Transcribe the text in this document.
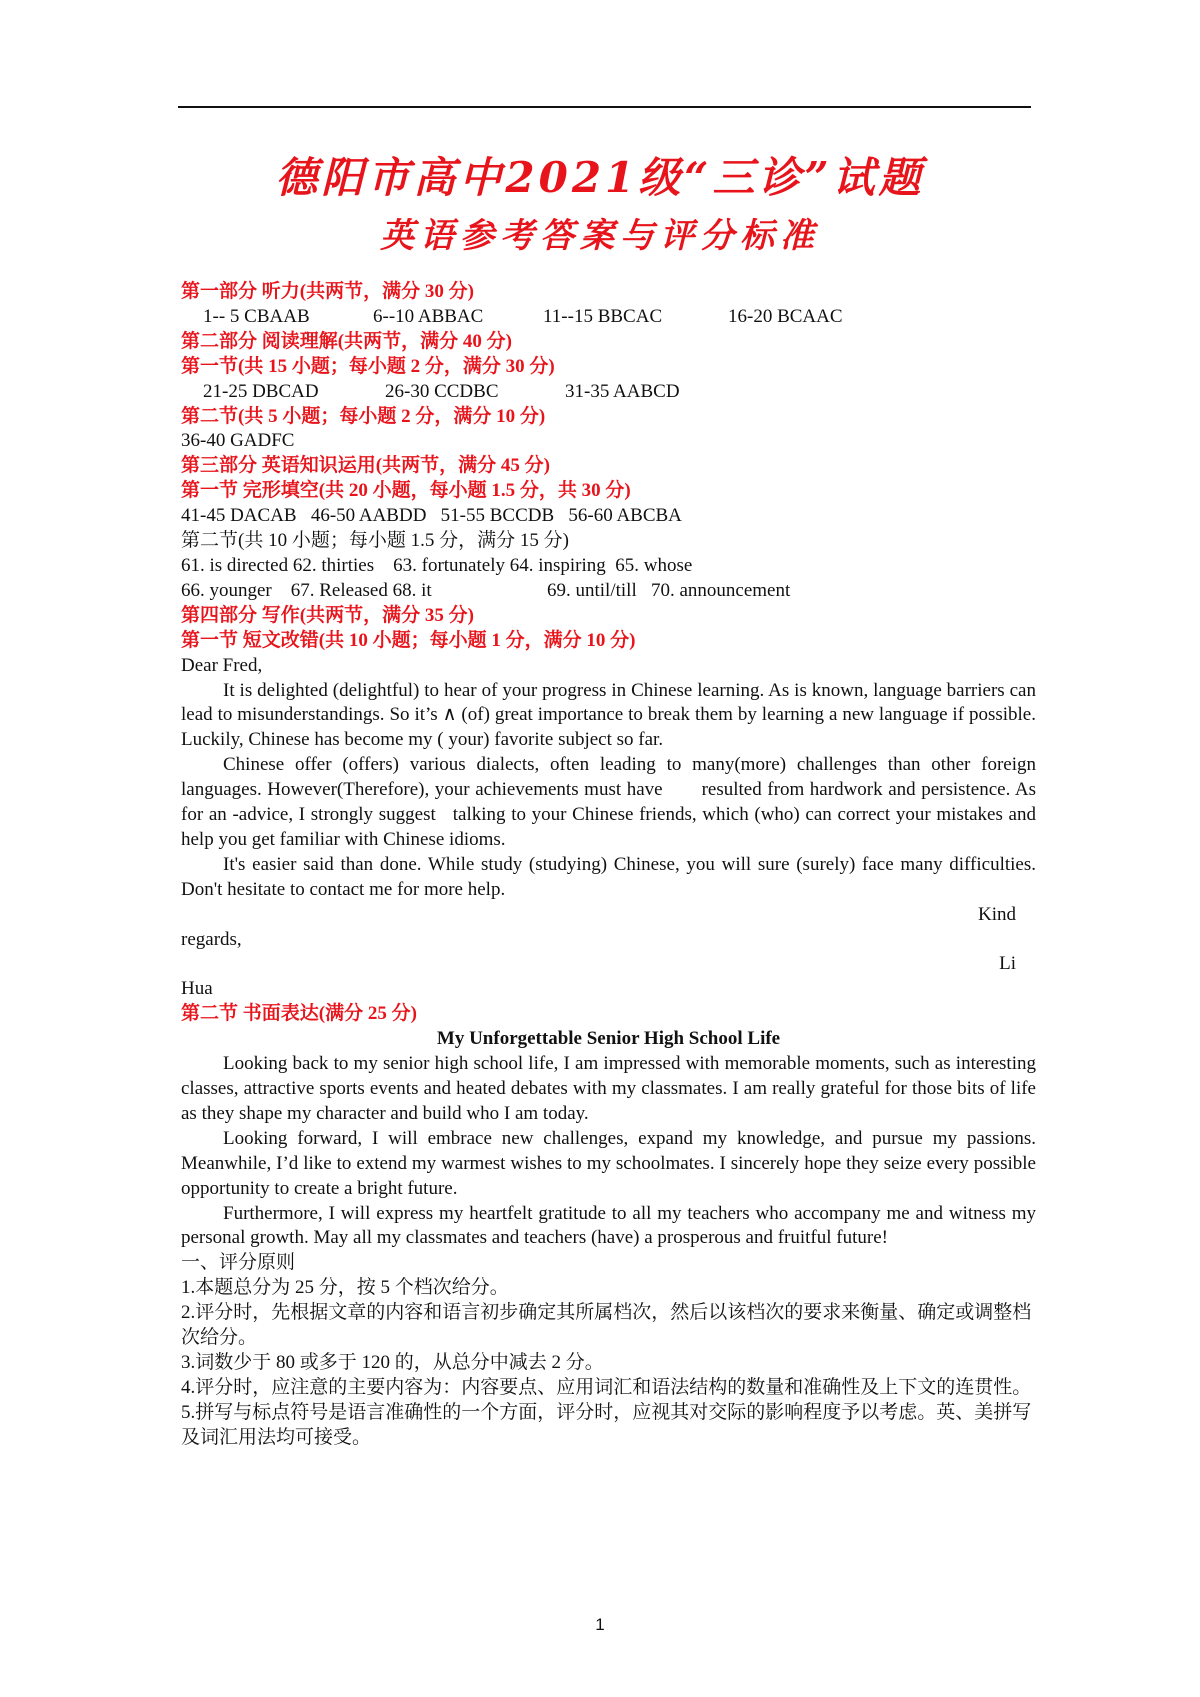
德阳市高中2021级“三诊”试题
英语参考答案与评分标准
第一部分 听力(共两节，满分 30 分)
1-- 5 CBAAB	6--10 ABBAC	11--15 BBCAC	16-20 BCAAC
第二部分 阅读理解(共两节，满分 40 分)
第一节(共 15 小题；每小题 2 分，满分 30 分)
21-25 DBCAD	26-30 CCDBC	31-35 AABCD
第二节(共 5 小题；每小题 2 分，满分 10 分)
36-40 GADFC
第三部分 英语知识运用(共两节，满分 45 分)
第一节 完形填空(共 20 小题，每小题 1.5 分，共 30 分)
41-45 DACAB   46-50 AABDD   51-55 BCCDB   56-60 ABCBA
第二节(共 10 小题；每小题 1.5 分，满分 15 分)
61. is directed 62. thirties    63. fortunately 64. inspiring  65. whose
66. younger    67. Released 68. it	69. until/till   70. announcement
第四部分 写作(共两节，满分 35 分)
第一节 短文改错(共 10 小题；每小题 1 分，满分 10 分)
Dear Fred,
It is delighted (delightful) to hear of your progress in Chinese learning. As is known, language barriers can lead to misunderstandings. So it’s ∧ (of) great importance to break them by learning a new language if possible. Luckily, Chinese has become my ( your) favorite subject so far.
Chinese offer (offers) various dialects, often leading to many(more) challenges than other foreign languages. However(Therefore), your achievements must have       resulted from hardwork and persistence. As for an -advice, I strongly suggest   talking to your Chinese friends, which (who) can correct your mistakes and help you get familiar with Chinese idioms.
It's easier said than done. While study (studying) Chinese, you will sure (surely) face many difficulties. Don't hesitate to contact me for more help.
Kind
regards,
Li
Hua
第二节 书面表达(满分 25 分)
My Unforgettable Senior High School Life
Looking back to my senior high school life, I am impressed with memorable moments, such as interesting classes, attractive sports events and heated debates with my classmates. I am really grateful for those bits of life as they shape my character and build who I am today.
Looking forward, I will embrace new challenges, expand my knowledge, and pursue my passions. Meanwhile, I’d like to extend my warmest wishes to my schoolmates. I sincerely hope they seize every possible opportunity to create a bright future.
Furthermore, I will express my heartfelt gratitude to all my teachers who accompany me and witness my personal growth. May all my classmates and teachers (have) a prosperous and fruitful future!
一、评分原则
1.本题总分为 25 分，按 5 个档次给分。
2.评分时，先根据文章的内容和语言初步确定其所属档次，然后以该档次的要求来衡量、确定或调整档次给分。
3.词数少于 80 或多于 120 的，从总分中减去 2 分。
4.评分时，应注意的主要内容为：内容要点、应用词汇和语法结构的数量和准确性及上下文的连贯性。
5.拼写与标点符号是语言准确性的一个方面，评分时，应视其对交际的影响程度予以考虑。英、美拼写及词汇用法均可接受。
1
